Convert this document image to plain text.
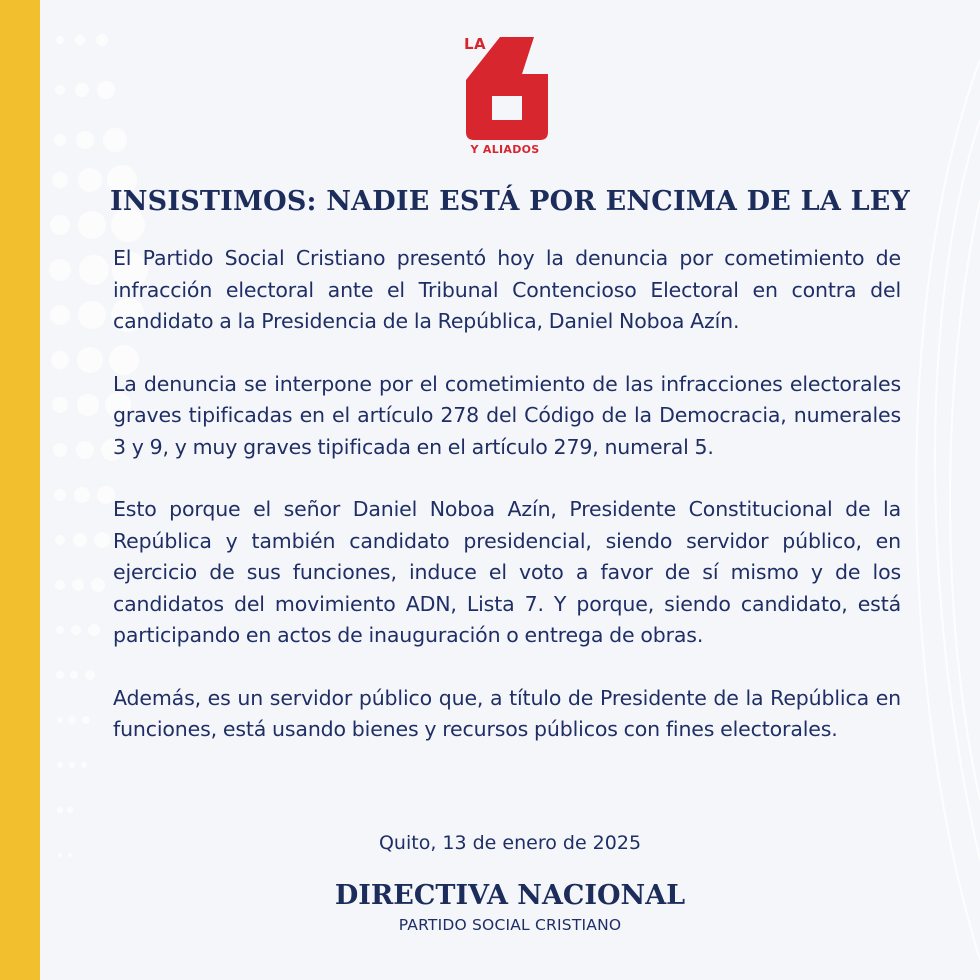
LA
Y ALIADOS
INSISTIMOS: NADIE ESTÁ POR ENCIMA DE LA LEY

El Partido Social Cristiano presentó hoy la denuncia por cometimiento de infracción electoral ante el Tribunal Contencioso Electoral en contra del candidato a la Presidencia de la República, Daniel Noboa Azín.

La denuncia se interpone por el cometimiento de las infracciones electorales graves tipificadas en el artículo 278 del Código de la Democracia, numerales 3 y 9, y muy graves tipificada en el artículo 279, numeral 5.

Esto porque el señor Daniel Noboa Azín, Presidente Constitucional de la República y también candidato presidencial, siendo servidor público, en ejercicio de sus funciones, induce el voto a favor de sí mismo y de los candidatos del movimiento ADN, Lista 7. Y porque, siendo candidato, está participando en actos de inauguración o entrega de obras.

Además, es un servidor público que, a título de Presidente de la República en funciones, está usando bienes y recursos públicos con fines electorales.

Quito, 13 de enero de 2025
DIRECTIVA NACIONAL
PARTIDO SOCIAL CRISTIANO
